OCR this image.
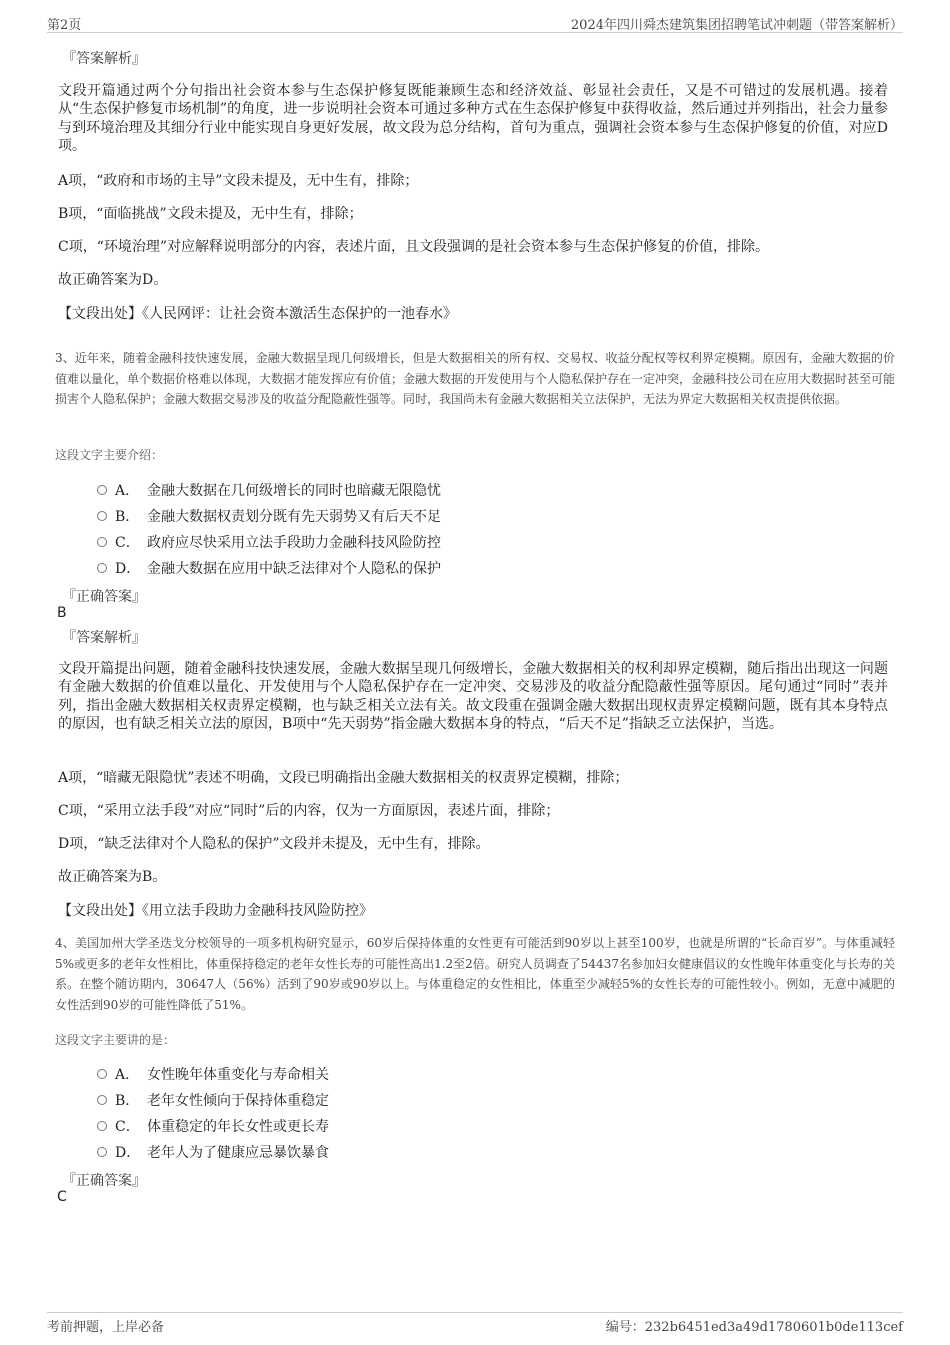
第2页	2024年四川舜杰建筑集团招聘笔试冲刺题（带答案解析）
『答案解析』
文段开篇通过两个分句指出社会资本参与生态保护修复既能兼顾生态和经济效益、彰显社会责任，又是不可错过的发展机遇。接着从“生态保护修复市场机制”的角度，进一步说明社会资本可通过多种方式在生态保护修复中获得收益，然后通过并列指出，社会力量参与到环境治理及其细分行业中能实现自身更好发展，故文段为总分结构，首句为重点，强调社会资本参与生态保护修复的价值，对应D项。
A项，“政府和市场的主导”文段未提及，无中生有，排除；
B项，“面临挑战”文段未提及，无中生有，排除；
C项，“环境治理”对应解释说明部分的内容，表述片面，且文段强调的是社会资本参与生态保护修复的价值，排除。
故正确答案为D。
【文段出处】《人民网评：让社会资本激活生态保护的一池春水》
3、近年来，随着金融科技快速发展，金融大数据呈现几何级增长，但是大数据相关的所有权、交易权、收益分配权等权利界定模糊。原因有，金融大数据的价值难以量化，单个数据价格难以体现，大数据才能发挥应有价值；金融大数据的开发使用与个人隐私保护存在一定冲突，金融科技公司在应用大数据时甚至可能损害个人隐私保护；金融大数据交易涉及的收益分配隐蔽性强等。同时，我国尚未有金融大数据相关立法保护，无法为界定大数据相关权责提供依据。
这段文字主要介绍：
A． 金融大数据在几何级增长的同时也暗藏无限隐忧
B． 金融大数据权责划分既有先天弱势又有后天不足
C． 政府应尽快采用立法手段助力金融科技风险防控
D． 金融大数据在应用中缺乏法律对个人隐私的保护
『正确答案』
B
『答案解析』
文段开篇提出问题，随着金融科技快速发展，金融大数据呈现几何级增长，金融大数据相关的权利却界定模糊，随后指出出现这一问题有金融大数据的价值难以量化、开发使用与个人隐私保护存在一定冲突、交易涉及的收益分配隐蔽性强等原因。尾句通过“同时”表并列，指出金融大数据相关权责界定模糊，也与缺乏相关立法有关。故文段重在强调金融大数据出现权责界定模糊问题，既有其本身特点的原因，也有缺乏相关立法的原因，B项中“先天弱势”指金融大数据本身的特点，“后天不足”指缺乏立法保护，当选。
A项，“暗藏无限隐忧”表述不明确，文段已明确指出金融大数据相关的权责界定模糊，排除；
C项，“采用立法手段”对应“同时”后的内容，仅为一方面原因，表述片面，排除；
D项，“缺乏法律对个人隐私的保护”文段并未提及，无中生有，排除。
故正确答案为B。
【文段出处】《用立法手段助力金融科技风险防控》
4、美国加州大学圣迭戈分校领导的一项多机构研究显示，60岁后保持体重的女性更有可能活到90岁以上甚至100岁，也就是所谓的“长命百岁”。与体重减轻5%或更多的老年女性相比，体重保持稳定的老年女性长寿的可能性高出1.2至2倍。研究人员调查了54437名参加妇女健康倡议的女性晚年体重变化与长寿的关系。在整个随访期内，30647人（56%）活到了90岁或90岁以上。与体重稳定的女性相比，体重至少减轻5%的女性长寿的可能性较小。例如，无意中减肥的女性活到90岁的可能性降低了51%。
这段文字主要讲的是：
A． 女性晚年体重变化与寿命相关
B． 老年女性倾向于保持体重稳定
C． 体重稳定的年长女性或更长寿
D． 老年人为了健康应忌暴饮暴食
『正确答案』
C
考前押题，上岸必备	编号：232b6451ed3a49d1780601b0de113cef
